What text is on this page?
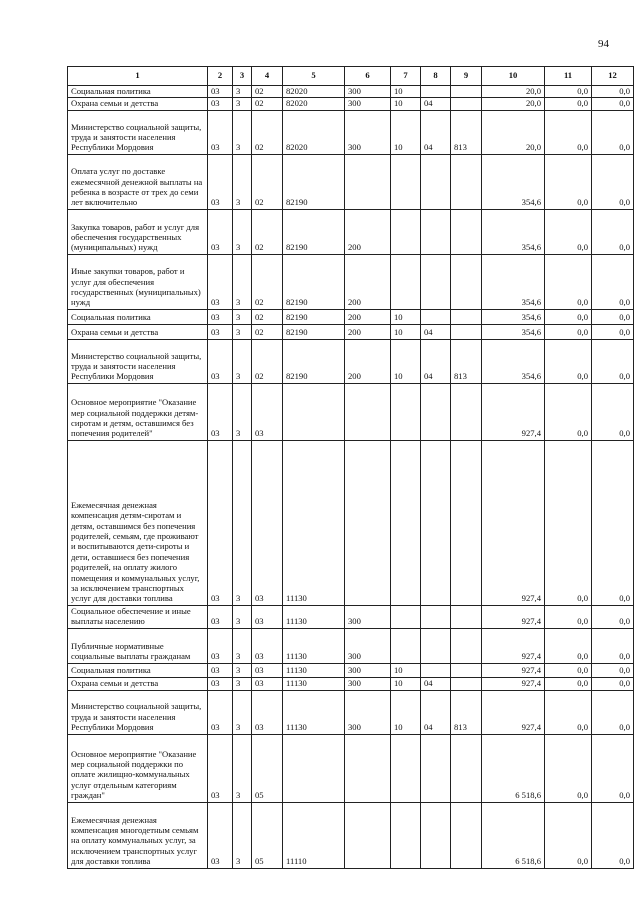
94
1	2	3	4	5	6	7	8	9	10	11	12
Социальная политика	03	3	02	82020	300	10			20,0	0,0	0,0
Охрана семьи и детства	03	3	02	82020	300	10	04		20,0	0,0	0,0
Министерство социальной защиты, труда и занятости населения Республики Мордовия	03	3	02	82020	300	10	04	813	20,0	0,0	0,0
Оплата услуг по доставке ежемесячной денежной выплаты на ребенка в возрасте от трех до семи лет включительно	03	3	02	82190					354,6	0,0	0,0
Закупка товаров, работ и услуг для обеспечения государственных (муниципальных) нужд	03	3	02	82190	200				354,6	0,0	0,0
Иные закупки товаров, работ и услуг для обеспечения государственных (муниципальных) нужд	03	3	02	82190	200				354,6	0,0	0,0
Социальная политика	03	3	02	82190	200	10			354,6	0,0	0,0
Охрана семьи и детства	03	3	02	82190	200	10	04		354,6	0,0	0,0
Министерство социальной защиты, труда и занятости населения Республики Мордовия	03	3	02	82190	200	10	04	813	354,6	0,0	0,0
Основное мероприятие "Оказание мер социальной поддержки детям-сиротам и детям, оставшимся без попечения родителей"	03	3	03						927,4	0,0	0,0
Ежемесячная денежная компенсация детям-сиротам и детям, оставшимся без попечения родителей, семьям, где проживают и воспитываются дети-сироты и дети, оставшиеся без попечения родителей, на оплату жилого помещения и коммунальных услуг, за исключением транспортных услуг для доставки топлива	03	3	03	11130					927,4	0,0	0,0
Социальное обеспечение и иные выплаты населению	03	3	03	11130	300				927,4	0,0	0,0
Публичные нормативные социальные выплаты гражданам	03	3	03	11130	300				927,4	0,0	0,0
Социальная политика	03	3	03	11130	300	10			927,4	0,0	0,0
Охрана семьи и детства	03	3	03	11130	300	10	04		927,4	0,0	0,0
Министерство социальной защиты, труда и занятости населения Республики Мордовия	03	3	03	11130	300	10	04	813	927,4	0,0	0,0
Основное мероприятие "Оказание мер социальной поддержки по оплате жилищно-коммунальных услуг отдельным категориям граждан"	03	3	05						6 518,6	0,0	0,0
Ежемесячная денежная компенсация многодетным семьям на оплату коммунальных услуг, за исключением транспортных услуг для доставки топлива	03	3	05	11110					6 518,6	0,0	0,0
